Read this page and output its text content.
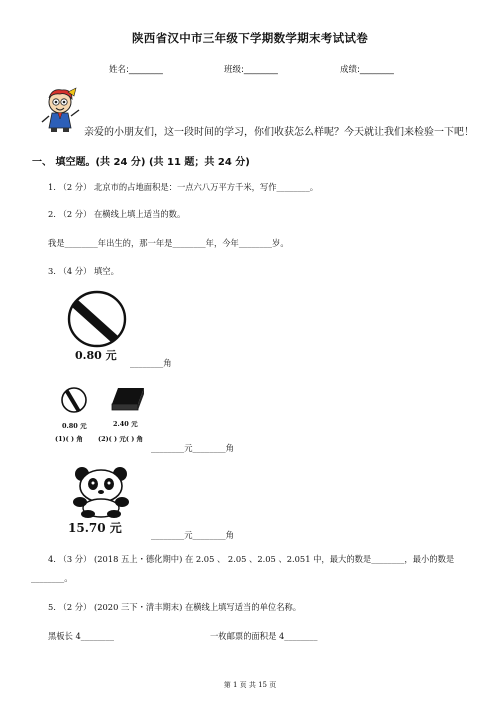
陕西省汉中市三年级下学期数学期末考试试卷
姓名:________	班级:________	成绩:________
亲爱的小朋友们，这一段时间的学习，你们收获怎么样呢？今天就让我们来检验一下吧！
一、 填空题。(共 24 分) (共 11 题；共 24 分)
1. （2 分） 北京市的占地面积是：一点六八万平方千米，写作________。
2. （2 分） 在横线上填上适当的数。
我是________年出生的，那一年是________年，今年________岁。
3. （4 分） 填空。
0.80 元
________角
0.80 元	2.40 元
(1)( ) 角 (2)( ) 元( ) 角
________元________角
15.70 元	________元________角
4. （3 分） (2018 五上・德化期中) 在 2.05 、 2.05 、2.05 、2.051 中，最大的数是________，最小的数是
________。
5. （2 分） (2020 三下・清丰期末) 在横线上填写适当的单位名称。
黑板长 4________	一枚邮票的面积是 4________
第 1 页 共 15 页
